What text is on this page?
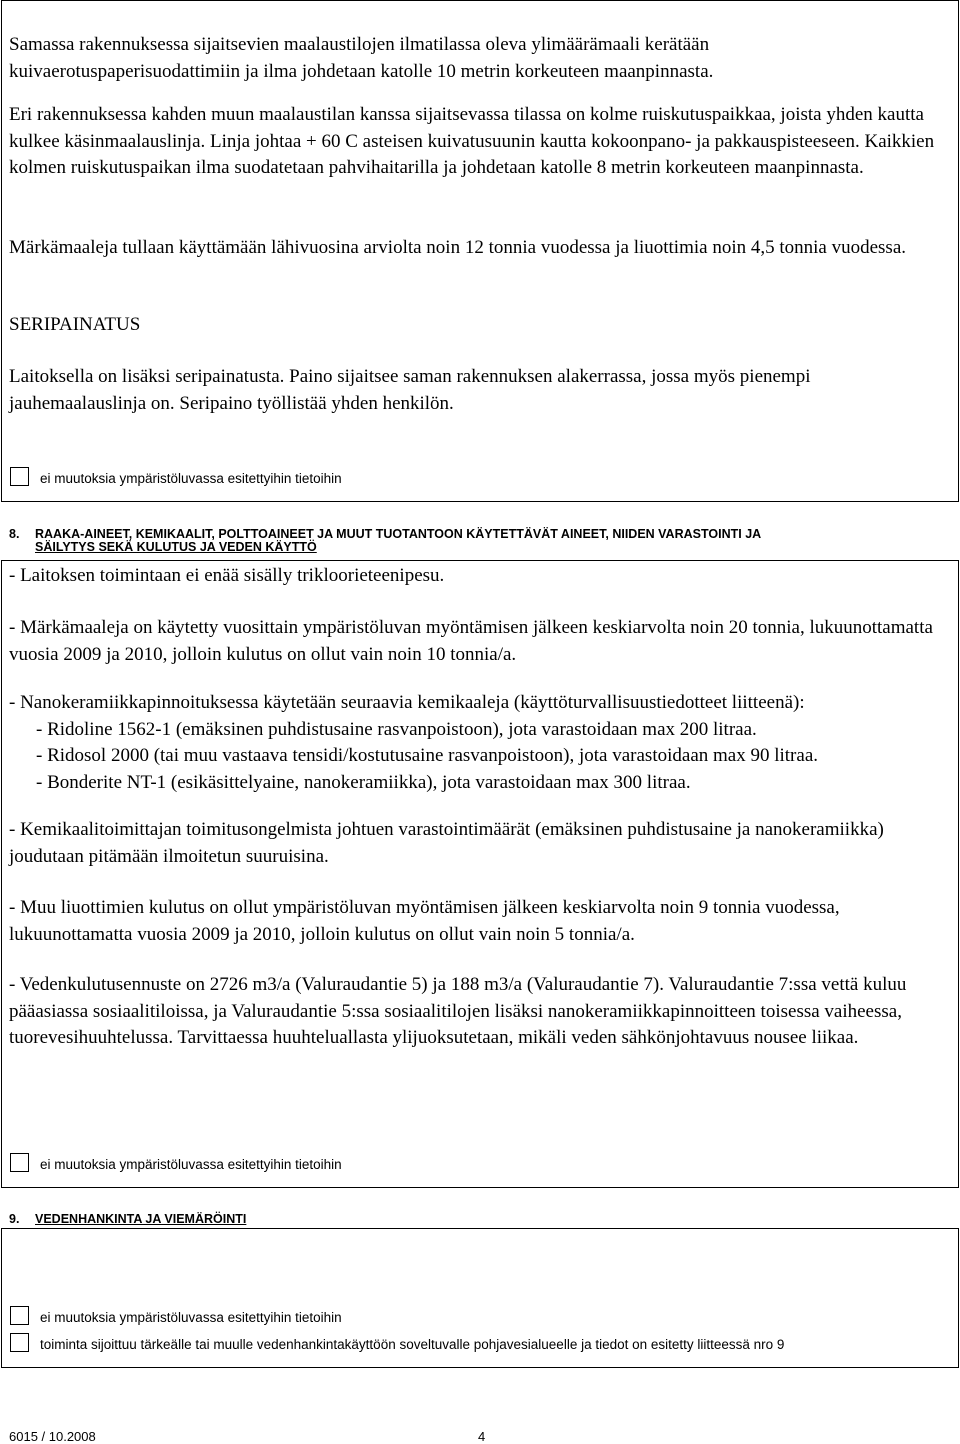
Samassa rakennuksessa sijaitsevien maalaustilojen ilmatilassa oleva ylimäärämaali kerätään kuivaerotuspaperisuodattimiin ja ilma johdetaan katolle 10 metrin korkeuteen maanpinnasta.

Eri rakennuksessa kahden muun maalaustilan kanssa sijaitsevassa tilassa on kolme ruiskutuspaikkaa, joista yhden kautta kulkee käsinmaalauslinja. Linja johtaa + 60 C asteisen kuivatusuunin kautta kokoonpano- ja pakkauspisteeseen. Kaikkien kolmen ruiskutuspaikan ilma suodatetaan pahvihaitarilla ja johdetaan katolle 8 metrin korkeuteen maanpinnasta.

Märkämaaleja tullaan käyttämään lähivuosina arviolta noin 12 tonnia vuodessa ja liuottimia noin 4,5 tonnia vuodessa.

SERIPAINATUS

Laitoksella on lisäksi seripainatusta. Paino sijaitsee saman rakennuksen alakerrassa, jossa myös pienempi jauhemaalauslinja on. Seripaino työllistää yhden henkilön.

ei muutoksia ympäristöluvassa esitettyihin tietoihin
8. RAAKA-AINEET, KEMIKAALIT, POLTTOAINEET JA MUUT TUOTANTOON KÄYTETTÄVÄT AINEET, NIIDEN VARASTOINTI JA
SÄILYTYS SEKÄ KULUTUS JA VEDEN KÄYTTÖ

- Laitoksen toimintaan ei enää sisälly trikloorieteenipesu.

- Märkämaaleja on käytetty vuosittain ympäristöluvan myöntämisen jälkeen keskiarvolta noin 20 tonnia, lukuunottamatta vuosia 2009 ja 2010, jolloin kulutus on ollut vain noin 10 tonnia/a.

- Nanokeramiikkapinnoituksessa käytetään seuraavia kemikaaleja (käyttöturvallisuustiedotteet liitteenä):
- Ridoline 1562-1 (emäksinen puhdistusaine rasvanpoistoon), jota varastoidaan max 200 litraa.
- Ridosol 2000 (tai muu vastaava tensidi/kostutusaine rasvanpoistoon), jota varastoidaan max 90 litraa.
- Bonderite NT-1 (esikäsittelyaine, nanokeramiikka), jota varastoidaan max 300 litraa.

- Kemikaalitoimittajan toimitusongelmista johtuen varastointimäärät (emäksinen puhdistusaine ja nanokeramiikka) joudutaan pitämään ilmoitetun suuruisina.

- Muu liuottimien kulutus on ollut ympäristöluvan myöntämisen jälkeen keskiarvolta noin 9 tonnia vuodessa, lukuunottamatta vuosia 2009 ja 2010, jolloin kulutus on ollut vain noin 5 tonnia/a.

- Vedenkulutusennuste on 2726 m3/a (Valuraudantie 5) ja 188 m3/a (Valuraudantie 7). Valuraudantie 7:ssa vettä kuluu pääasiassa sosiaalitiloissa, ja Valuraudantie 5:ssa sosiaalitilojen lisäksi nanokeramiikkapinnoitteen toisessa vaiheessa, tuorevesihuuhtelussa. Tarvittaessa huuhteluallasta ylijuoksutetaan, mikäli veden sähkönjohtavuus nousee liikaa.

ei muutoksia ympäristöluvassa esitettyihin tietoihin
9. VEDENHANKINTA JA VIEMÄRÖINTI
ei muutoksia ympäristöluvassa esitettyihin tietoihin
toiminta sijoittuu tärkeälle tai muulle vedenhankintakäyttöön soveltuvalle pohjavesialueelle ja tiedot on esitetty liitteessä nro 9
6015 / 10.2008	4
